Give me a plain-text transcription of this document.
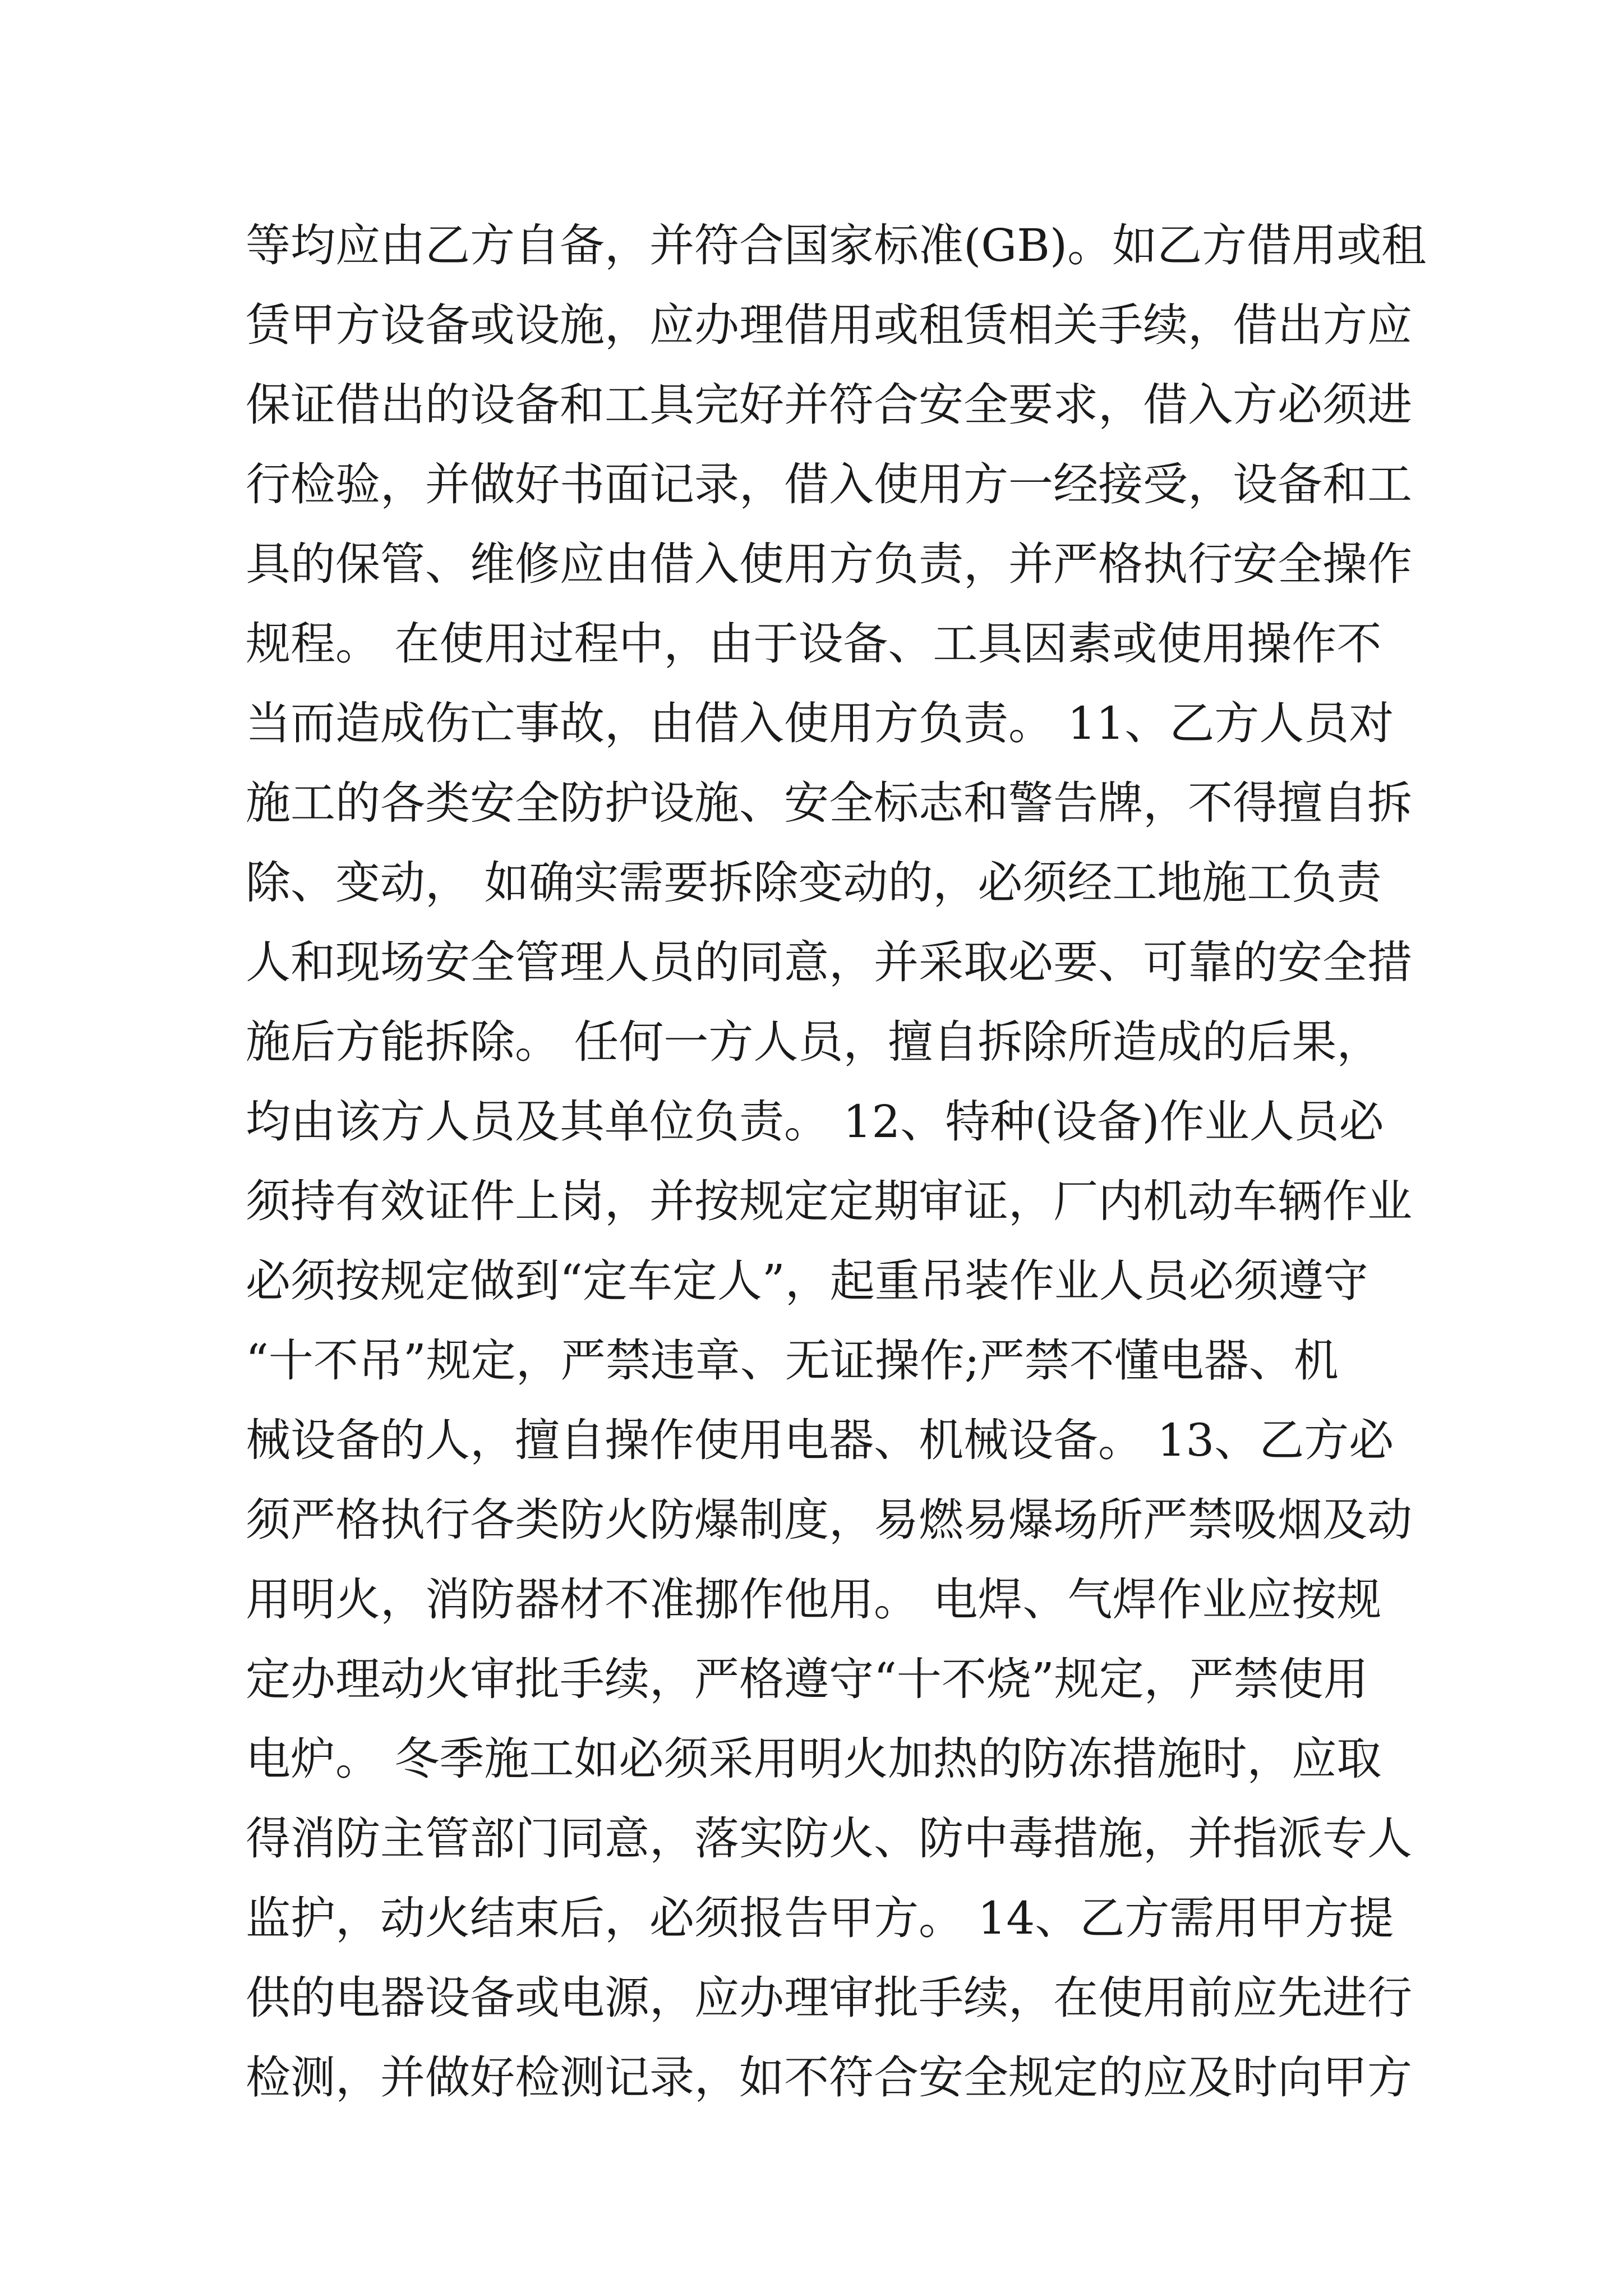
等均应由乙方自备，并符合国家标准(GB)。如乙方借用或租
赁甲方设备或设施，应办理借用或租赁相关手续，借出方应
保证借出的设备和工具完好并符合安全要求，借入方必须进
行检验，并做好书面记录，借入使用方一经接受，设备和工
具的保管、维修应由借入使用方负责，并严格执行安全操作
规程。 在使用过程中，由于设备、工具因素或使用操作不
当而造成伤亡事故，由借入使用方负责。 11、乙方人员对
施工的各类安全防护设施、安全标志和警告牌，不得擅自拆
除、变动， 如确实需要拆除变动的，必须经工地施工负责
人和现场安全管理人员的同意，并采取必要、可靠的安全措
施后方能拆除。 任何一方人员，擅自拆除所造成的后果，
均由该方人员及其单位负责。 12、特种(设备)作业人员必
须持有效证件上岗，并按规定定期审证，厂内机动车辆作业
必须按规定做到“定车定人”，起重吊装作业人员必须遵守
“十不吊”规定，严禁违章、无证操作;严禁不懂电器、机
械设备的人，擅自操作使用电器、机械设备。 13、乙方必
须严格执行各类防火防爆制度，易燃易爆场所严禁吸烟及动
用明火，消防器材不准挪作他用。 电焊、气焊作业应按规
定办理动火审批手续，严格遵守“十不烧”规定，严禁使用
电炉。 冬季施工如必须采用明火加热的防冻措施时，应取
得消防主管部门同意，落实防火、防中毒措施，并指派专人
监护，动火结束后，必须报告甲方。 14、乙方需用甲方提
供的电器设备或电源，应办理审批手续，在使用前应先进行
检测，并做好检测记录，如不符合安全规定的应及时向甲方
